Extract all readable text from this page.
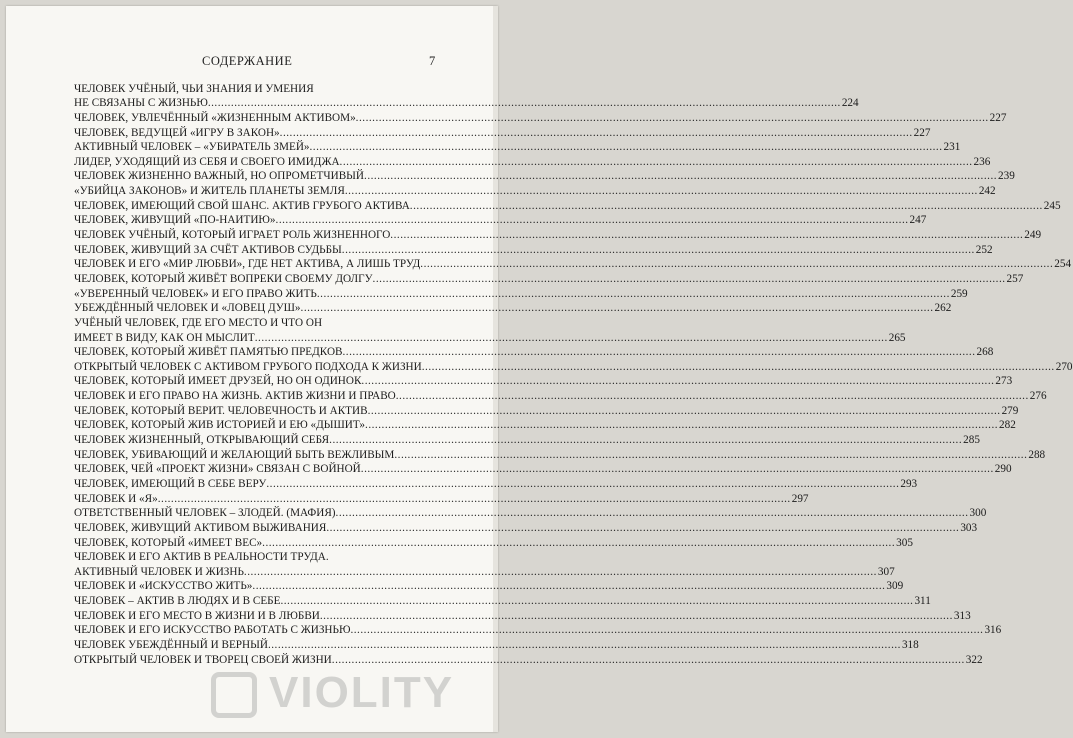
СОДЕРЖАНИЕ	7
ЧЕЛОВЕК УЧЁНЫЙ, ЧЬИ ЗНАНИЯ И УМЕНИЯ
НЕ СВЯЗАНЫ С ЖИЗНЬЮ .....	224
ЧЕЛОВЕК, УВЛЕЧЁННЫЙ «ЖИЗНЕННЫМ АКТИВОМ» .....	227
ЧЕЛОВЕК, ВЕДУЩЕЙ «ИГРУ В ЗАКОН» .....	227
АКТИВНЫЙ ЧЕЛОВЕК – «УБИРАТЕЛЬ ЗМЕЙ» .....	231
ЛИДЕР, УХОДЯЩИЙ ИЗ СЕБЯ И СВОЕГО ИМИДЖА .....	236
ЧЕЛОВЕК ЖИЗНЕННО ВАЖНЫЙ, НО ОПРОМЕТЧИВЫЙ .....	239
«УБИЙЦА ЗАКОНОВ» И ЖИТЕЛЬ ПЛАНЕТЫ ЗЕМЛЯ .....	242
ЧЕЛОВЕК, ИМЕЮЩИЙ СВОЙ ШАНС. АКТИВ ГРУБОГО АКТИВА .....	245
ЧЕЛОВЕК, ЖИВУЩИЙ «ПО-НАИТИЮ» .....	247
ЧЕЛОВЕК УЧЁНЫЙ, КОТОРЫЙ ИГРАЕТ РОЛЬ ЖИЗНЕННОГО .....	249
ЧЕЛОВЕК, ЖИВУЩИЙ ЗА СЧЁТ АКТИВОВ СУДЬБЫ .....	252
ЧЕЛОВЕК И ЕГО «МИР ЛЮБВИ», ГДЕ НЕТ АКТИВА, А ЛИШЬ ТРУД .....	254
ЧЕЛОВЕК, КОТОРЫЙ ЖИВЁТ ВОПРЕКИ СВОЕМУ ДОЛГУ .....	257
«УВЕРЕННЫЙ ЧЕЛОВЕК» И ЕГО ПРАВО ЖИТЬ .....	259
УБЕЖДЁННЫЙ ЧЕЛОВЕК И «ЛОВЕЦ ДУШ» .....	262
УЧЁНЫЙ ЧЕЛОВЕК, ГДЕ ЕГО МЕСТО И ЧТО ОН
ИМЕЕТ В ВИДУ, КАК ОН МЫСЛИТ .....	265
ЧЕЛОВЕК, КОТОРЫЙ ЖИВЁТ ПАМЯТЬЮ ПРЕДКОВ .....	268
ОТКРЫТЫЙ ЧЕЛОВЕК С АКТИВОМ ГРУБОГО ПОДХОДА К ЖИЗНИ .....	270
ЧЕЛОВЕК, КОТОРЫЙ ИМЕЕТ ДРУЗЕЙ, НО ОН ОДИНОК .....	273
ЧЕЛОВЕК И ЕГО ПРАВО НА ЖИЗНЬ. АКТИВ ЖИЗНИ И ПРАВО .....	276
ЧЕЛОВЕК, КОТОРЫЙ ВЕРИТ. ЧЕЛОВЕЧНОСТЬ И АКТИВ .....	279
ЧЕЛОВЕК, КОТОРЫЙ ЖИВ ИСТОРИЕЙ И ЕЮ «ДЫШИТ» .....	282
ЧЕЛОВЕК ЖИЗНЕННЫЙ, ОТКРЫВАЮЩИЙ СЕБЯ .....	285
ЧЕЛОВЕК, УБИВАЮЩИЙ И ЖЕЛАЮЩИЙ БЫТЬ ВЕЖЛИВЫМ .....	288
ЧЕЛОВЕК, ЧЕЙ «ПРОЕКТ ЖИЗНИ» СВЯЗАН С ВОЙНОЙ .....	290
ЧЕЛОВЕК, ИМЕЮЩИЙ В СЕБЕ ВЕРУ .....	293
ЧЕЛОВЕК И «Я» .....	297
ОТВЕТСТВЕННЫЙ ЧЕЛОВЕК – ЗЛОДЕЙ. (МАФИЯ) .....	300
ЧЕЛОВЕК, ЖИВУЩИЙ АКТИВОМ ВЫЖИВАНИЯ .....	303
ЧЕЛОВЕК, КОТОРЫЙ «ИМЕЕТ ВЕС» .....	305
ЧЕЛОВЕК И ЕГО АКТИВ В РЕАЛЬНОСТИ ТРУДА.
АКТИВНЫЙ ЧЕЛОВЕК И ЖИЗНЬ .....	307
ЧЕЛОВЕК И «ИСКУССТВО ЖИТЬ» .....	309
ЧЕЛОВЕК – АКТИВ В ЛЮДЯХ И В СЕБЕ .....	311
ЧЕЛОВЕК И ЕГО МЕСТО В ЖИЗНИ И В ЛЮБВИ .....	313
ЧЕЛОВЕК И ЕГО ИСКУССТВО РАБОТАТЬ С ЖИЗНЬЮ .....	316
ЧЕЛОВЕК УБЕЖДЁННЫЙ И ВЕРНЫЙ .....	318
ОТКРЫТЫЙ ЧЕЛОВЕК И ТВОРЕЦ СВОЕЙ ЖИЗНИ .....	322
VIOLITY
